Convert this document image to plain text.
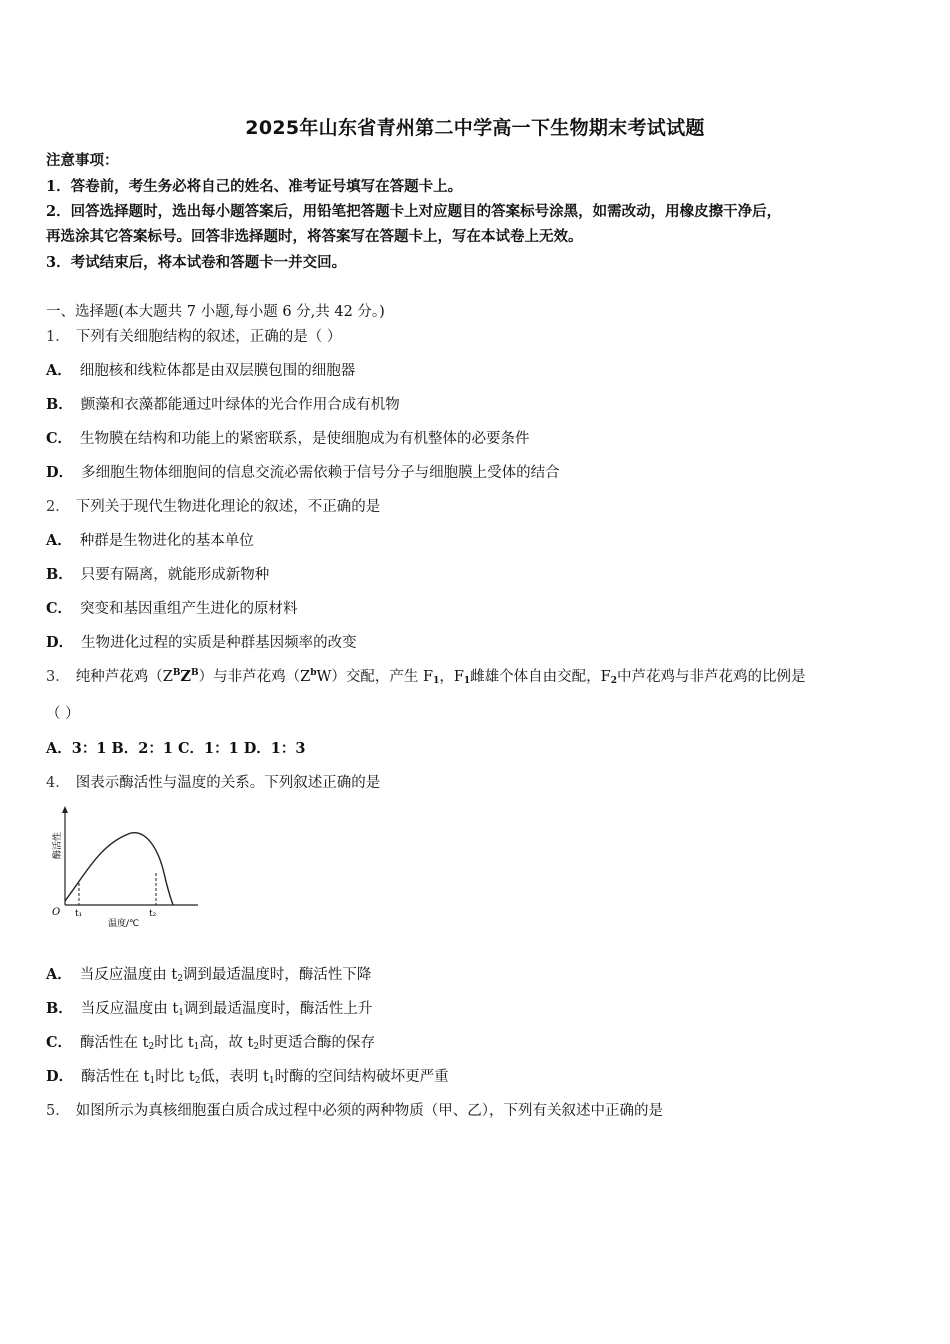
2025年山东省青州第二中学高一下生物期末考试试题
注意事项：
1．答卷前，考生务必将自己的姓名、准考证号填写在答题卡上。
2．回答选择题时，选出每小题答案后，用铅笔把答题卡上对应题目的答案标号涂黑，如需改动，用橡皮擦干净后，
再选涂其它答案标号。回答非选择题时，将答案写在答题卡上，写在本试卷上无效。
3．考试结束后，将本试卷和答题卡一并交回。
一、选择题(本大题共 7 小题,每小题 6 分,共 42 分。)
1． 下列有关细胞结构的叙述，正确的是（ ）
A． 细胞核和线粒体都是由双层膜包围的细胞器
B． 颤藻和衣藻都能通过叶绿体的光合作用合成有机物
C． 生物膜在结构和功能上的紧密联系，是使细胞成为有机整体的必要条件
D． 多细胞生物体细胞间的信息交流必需依赖于信号分子与细胞膜上受体的结合
2． 下列关于现代生物进化理论的叙述，不正确的是
A． 种群是生物进化的基本单位
B． 只要有隔离，就能形成新物种
C． 突变和基因重组产生进化的原材料
D． 生物进化过程的实质是种群基因频率的改变
3． 纯种芦花鸡$(Z^BZ^B)$与非芦花鸡$(Z^bW)$交配，产生 $F_1$，$F_1$雌雄个体自由交配，$F_2$中芦花鸡与非芦花鸡的比例是
（ ）
A．3：1 B．2：1 C．1：1 D．1：3
4． 图表示酶活性与温度的关系。下列叙述正确的是
酶活性
O t₁	t₂
温度/℃
A． 当反应温度由 $t_2$调到最适温度时，酶活性下降
B． 当反应温度由 $t_1$调到最适温度时，酶活性上升
C． 酶活性在 $t_2$时比 $t_1$高，故 $t_2$时更适合酶的保存
D． 酶活性在 $t_1$时比 $t_2$低，表明 $t_1$时酶的空间结构破坏更严重
5． 如图所示为真核细胞蛋白质合成过程中必须的两种物质（甲、乙），下列有关叙述中正确的是
